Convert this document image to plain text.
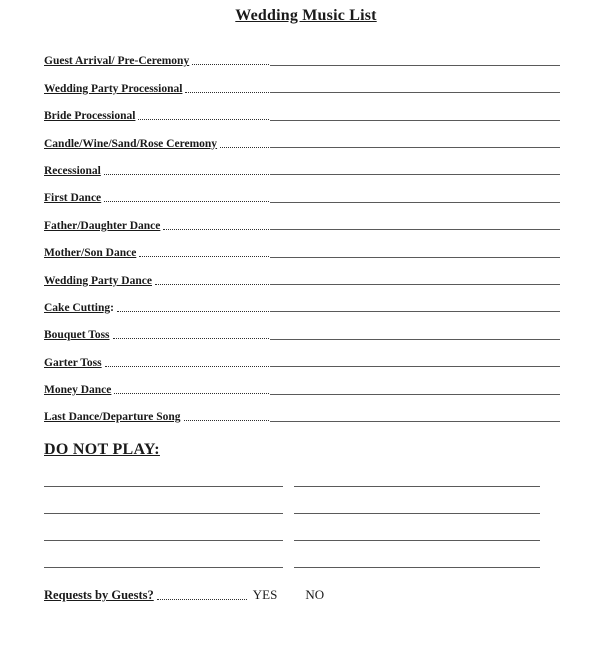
Wedding Music List
Guest Arrival/ Pre-Ceremony
Wedding Party Processional
Bride Processional
Candle/Wine/Sand/Rose Ceremony
Recessional
First Dance
Father/Daughter Dance
Mother/Son Dance
Wedding Party Dance
Cake Cutting :
Bouquet Toss
Garter Toss
Money Dance
Last Dance/Departure Song
DO NOT PLAY:
Requests by Guests?	YES NO
